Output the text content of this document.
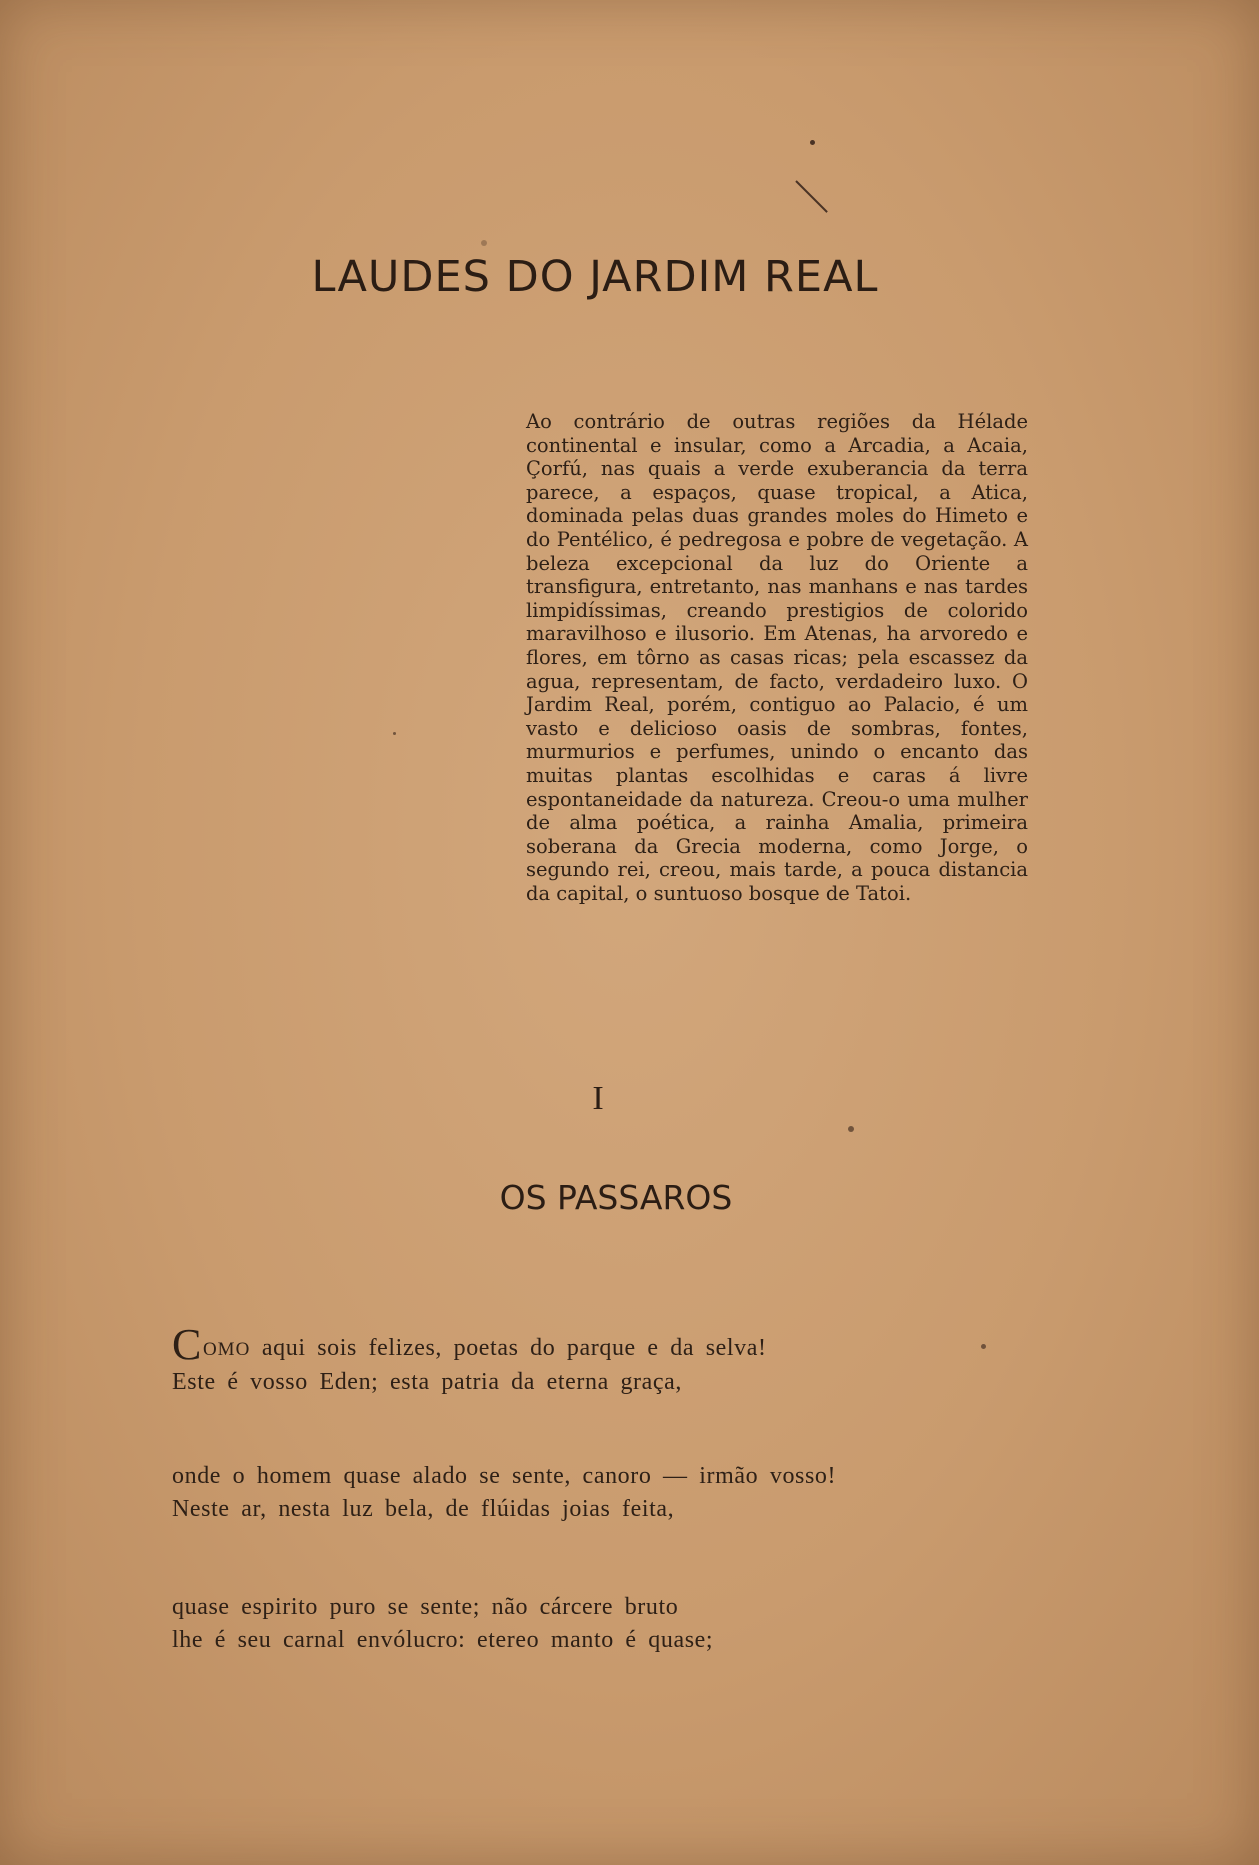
LAUDES DO JARDIM REAL

Ao contrário de outras regiões da Hélade continental e insular, como a Arcadia, a Acaia, Çorfú, nas quais a verde exuberancia da terra parece, a espaços, quase tropical, a Atica, dominada pelas duas grandes moles do Himeto e do Pentélico, é pedregosa e pobre de vegetação. A beleza excepcional da luz do Oriente a transfigura, entretanto, nas manhans e nas tardes limpidíssimas, creando prestigios de colorido maravilhoso e ilusorio. Em Atenas, ha arvoredo e flores, em tôrno as casas ricas; pela escassez da agua, representam, de facto, verdadeiro luxo. O Jardim Real, porém, contiguo ao Palacio, é um vasto e delicioso oasis de sombras, fontes, murmurios e perfumes, unindo o encanto das muitas plantas escolhidas e caras á livre espontaneidade da natureza. Creou-o uma mulher de alma poética, a rainha Amalia, primeira soberana da Grecia moderna, como Jorge, o segundo rei, creou, mais tarde, a pouca distancia da capital, o suntuoso bosque de Tatoi.

I
OS PASSAROS
COMO aqui sois felizes, poetas do parque e da selva!
Este é vosso Eden; esta patria da eterna graça,
onde o homem quase alado se sente, canoro — irmão vosso!
Neste ar, nesta luz bela, de flúidas joias feita,
quase espirito puro se sente; não cárcere bruto
lhe é seu carnal envólucro: etereo manto é quase;
